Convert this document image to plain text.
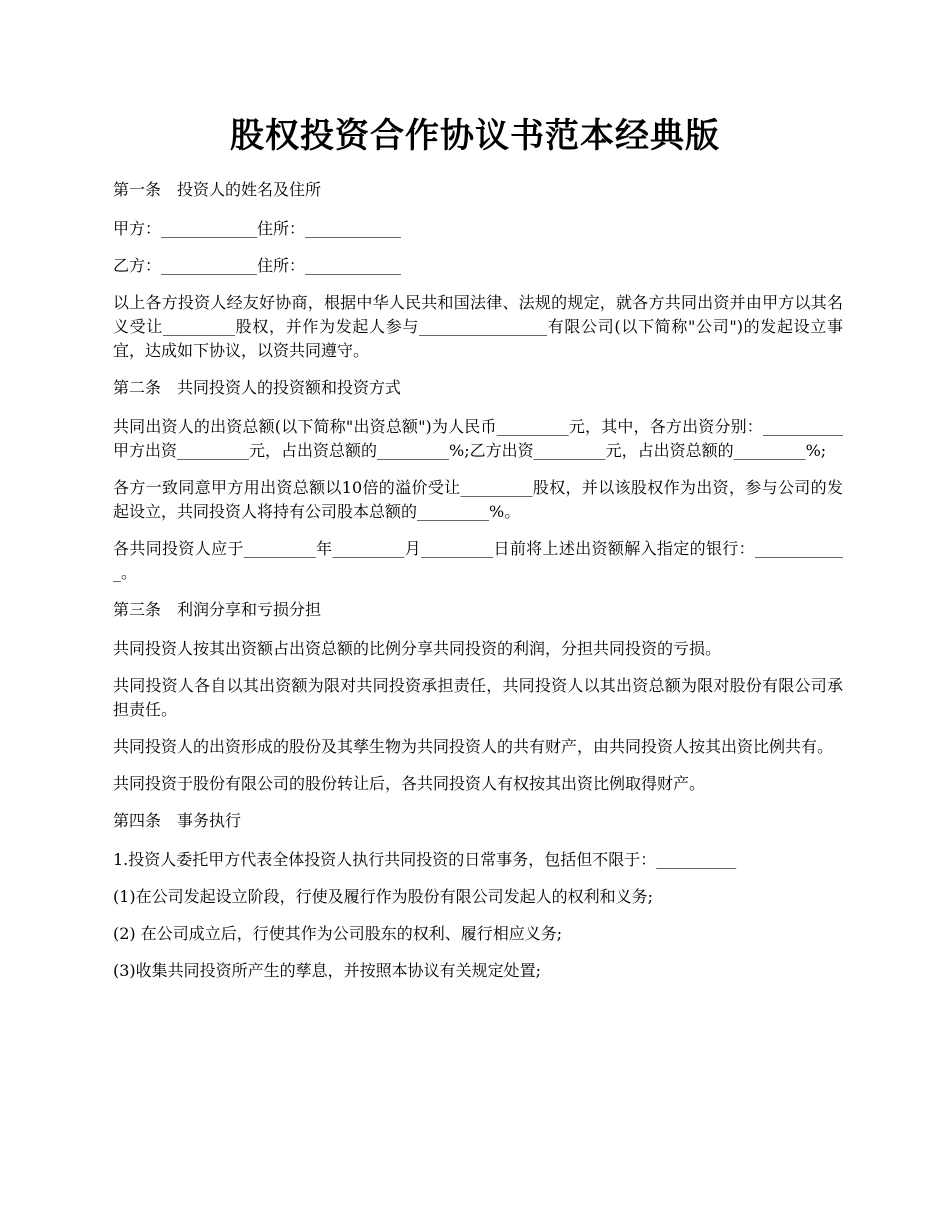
股权投资合作协议书范本经典版

第一条　投资人的姓名及住所

甲方：____________住所：____________

乙方：____________住所：____________

以上各方投资人经友好协商，根据中华人民共和国法律、法规的规定，就各方共同出资并由甲方以其名义受让_________股权，并作为发起人参与________________有限公司(以下简称"公司")的发起设立事宜，达成如下协议，以资共同遵守。

第二条　共同投资人的投资额和投资方式

共同出资人的出资总额(以下简称"出资总额")为人民币_________元，其中，各方出资分别：__________甲方出资_________元，占出资总额的_________%;乙方出资_________元，占出资总额的_________%;

各方一致同意甲方用出资总额以10倍的溢价受让_________股权，并以该股权作为出资，参与公司的发起设立，共同投资人将持有公司股本总额的_________%。

各共同投资人应于_________年_________月_________日前将上述出资额解入指定的银行：____________。

第三条　利润分享和亏损分担

共同投资人按其出资额占出资总额的比例分享共同投资的利润，分担共同投资的亏损。

共同投资人各自以其出资额为限对共同投资承担责任，共同投资人以其出资总额为限对股份有限公司承担责任。

共同投资人的出资形成的股份及其孳生物为共同投资人的共有财产，由共同投资人按其出资比例共有。

共同投资于股份有限公司的股份转让后，各共同投资人有权按其出资比例取得财产。

第四条　事务执行

1.投资人委托甲方代表全体投资人执行共同投资的日常事务，包括但不限于：__________

(1)在公司发起设立阶段，行使及履行作为股份有限公司发起人的权利和义务;

(2) 在公司成立后，行使其作为公司股东的权利、履行相应义务;

(3)收集共同投资所产生的孳息，并按照本协议有关规定处置;
